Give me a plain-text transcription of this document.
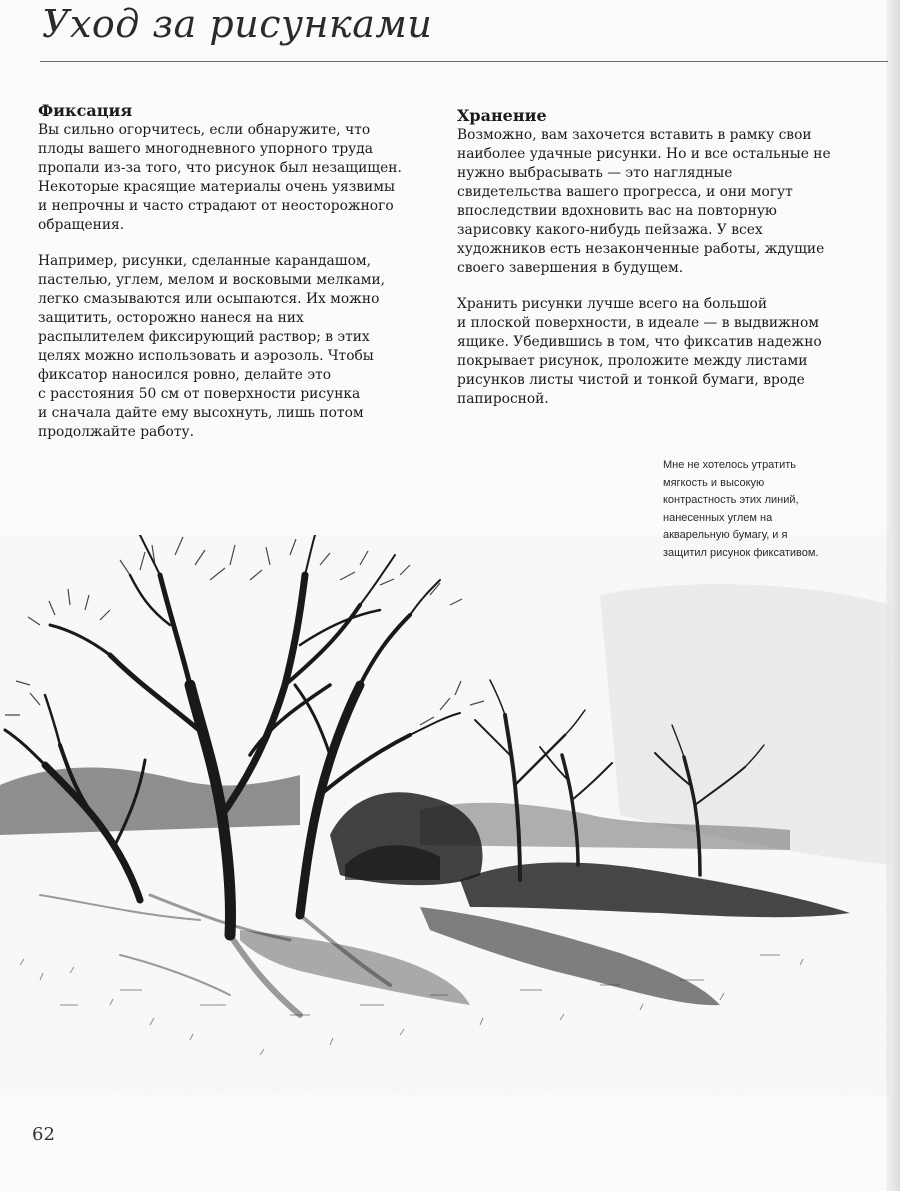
Уход за рисунками
Фиксация

Вы сильно огорчитесь, если обнаружите, что
плоды вашего многодневного упорного труда
пропали из-за того, что рисунок был незащищен.
Некоторые красящие материалы очень уязвимы
и непрочны и часто страдают от неосторожного
обращения.

Например, рисунки, сделанные карандашом,
пастелью, углем, мелом и восковыми мелками,
легко смазываются или осыпаются. Их можно
защитить, осторожно нанеся на них
распылителем фиксирующий раствор; в этих
целях можно использовать и аэрозоль. Чтобы
фиксатор наносился ровно, делайте это
с расстояния 50 см от поверхности рисунка
и сначала дайте ему высохнуть, лишь потом
продолжайте работу.

Хранение

Возможно, вам захочется вставить в рамку свои
наиболее удачные рисунки. Но и все остальные не
нужно выбрасывать — это наглядные
свидетельства вашего прогресса, и они могут
впоследствии вдохновить вас на повторную
зарисовку какого-нибудь пейзажа. У всех
художников есть незаконченные работы, ждущие
своего завершения в будущем.

Хранить рисунки лучше всего на большой
и плоской поверхности, в идеале — в выдвижном
ящике. Убедившись в том, что фиксатив надежно
покрывает рисунок, проложите между листами
рисунков листы чистой и тонкой бумаги, вроде
папиросной.

Мне не хотелось утратить
мягкость и высокую
контрастность этих линий,
нанесенных углем на
акварельную бумагу, и я
защитил рисунок фиксативом.
62
